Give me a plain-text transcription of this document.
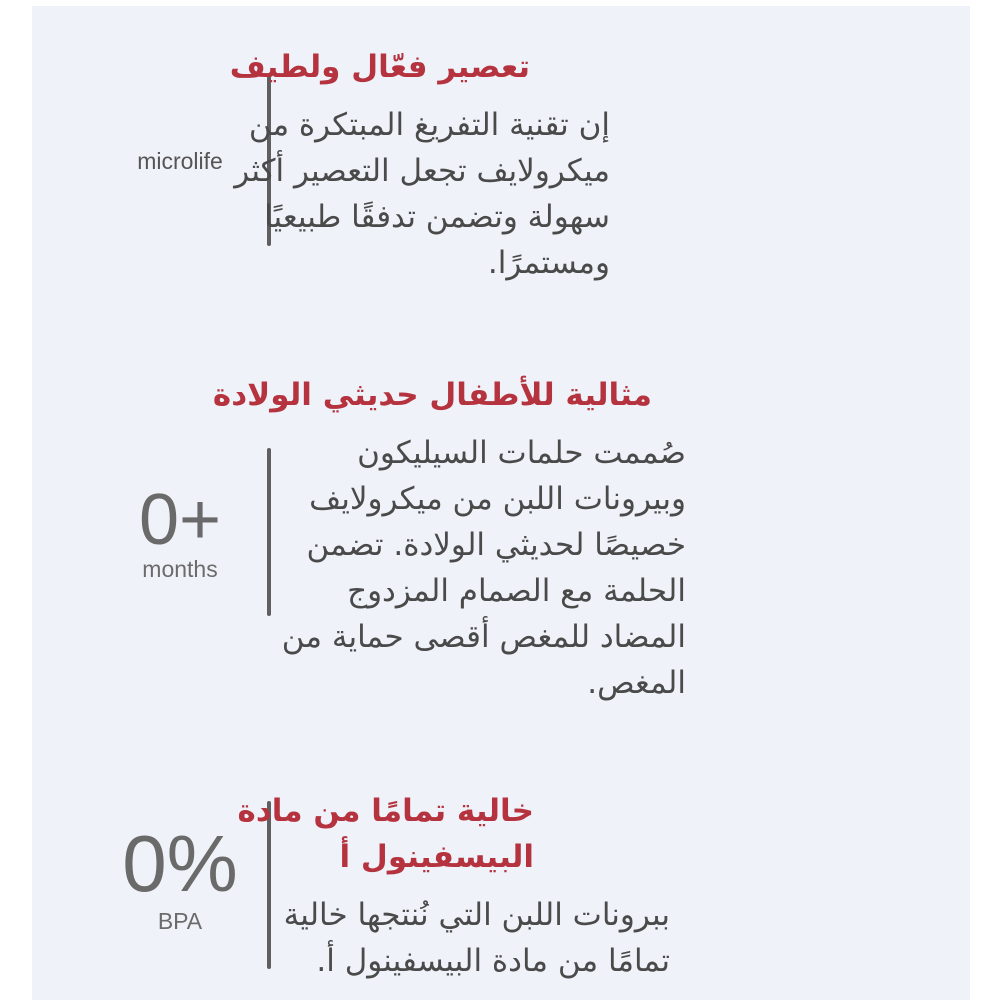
microlife
تعصير فعّال ولطيف
إن تقنية التفريغ المبتكرة من
ميكرولايف تجعل التعصير أكثر
سهولة وتضمن تدفقًا طبيعيًا
ومستمرًا.
0+
months
مثالية للأطفال حديثي الولادة
صُممت حلمات السيليكون
وبيرونات اللبن من ميكرولايف
خصيصًا لحديثي الولادة. تضمن
الحلمة مع الصمام المزدوج
المضاد للمغص أقصى حماية من
المغص.
0%
BPA
خالية تمامًا من مادة
البيسفينول أ
ببرونات اللبن التي نُنتجها خالية
تمامًا من مادة البيسفينول أ.
